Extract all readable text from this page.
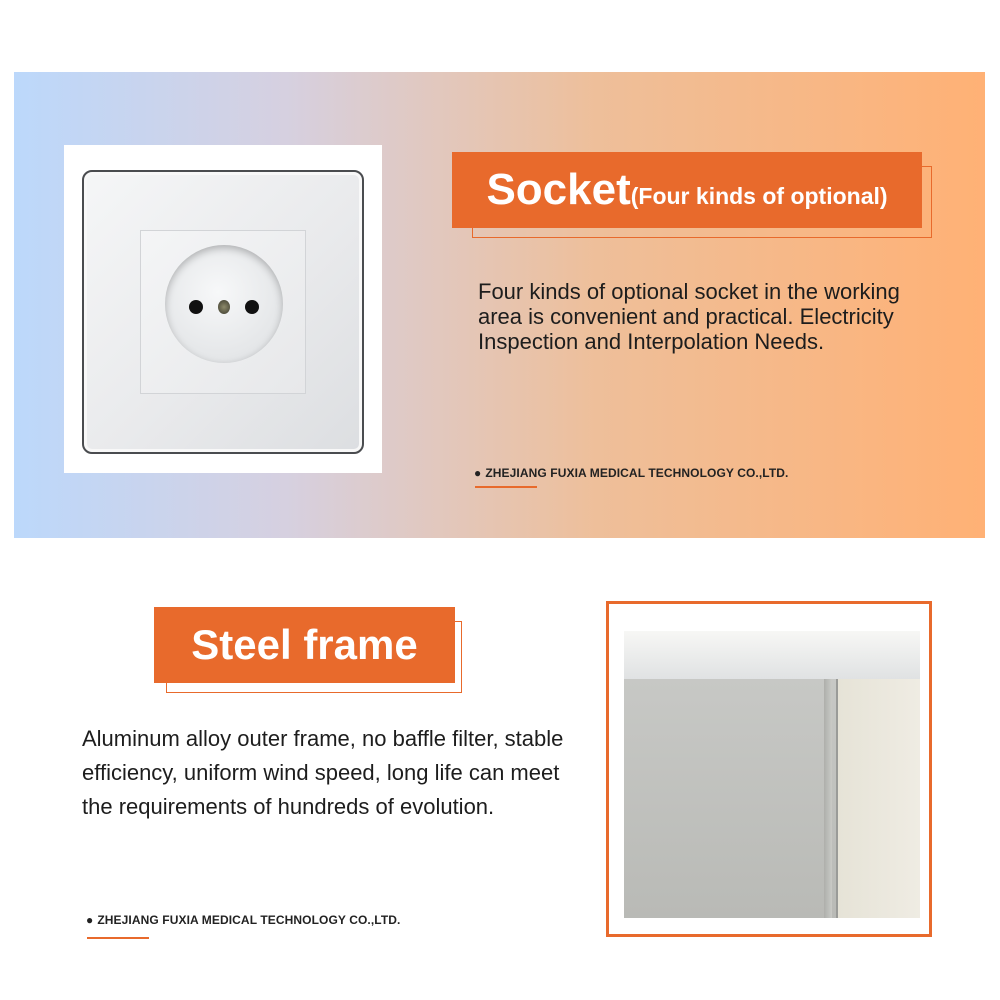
Socket (Four kinds of optional)
Four kinds of optional socket in the working area is convenient and practical. Electricity Inspection and Interpolation Needs.
● ZHEJIANG FUXIA MEDICAL TECHNOLOGY CO.,LTD.
Steel frame
Aluminum alloy outer frame, no baffle filter, stable efficiency, uniform wind speed, long life can meet the requirements of hundreds of evolution.
● ZHEJIANG FUXIA MEDICAL TECHNOLOGY CO.,LTD.
